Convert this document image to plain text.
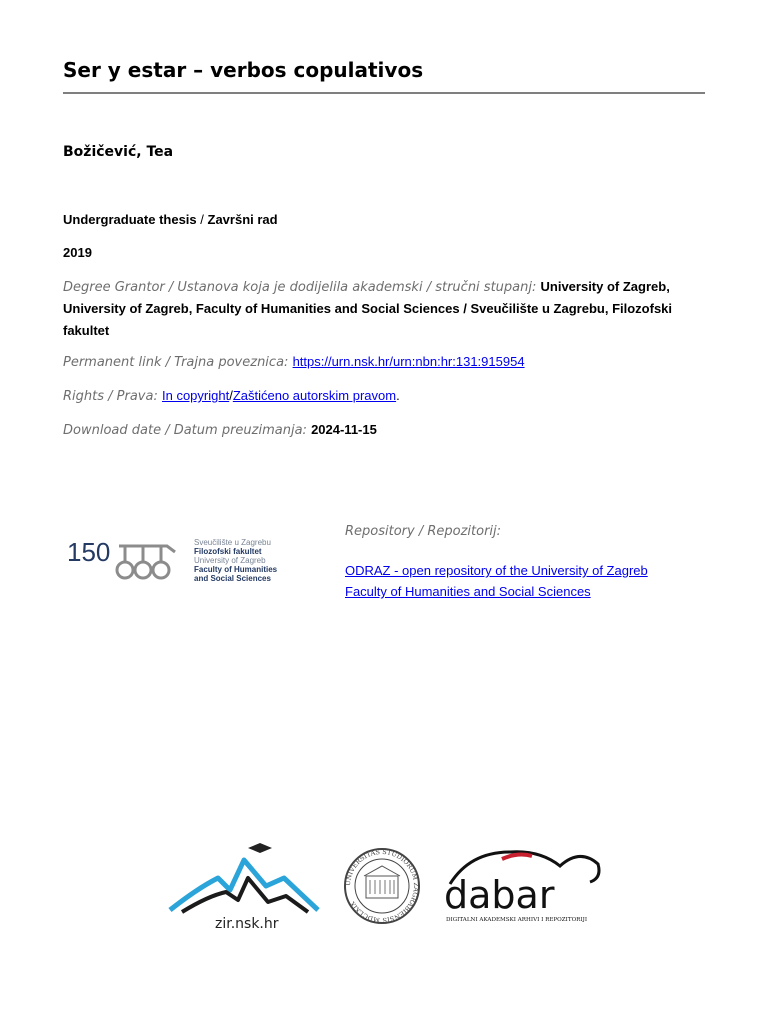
Ser y estar – verbos copulativos
Božičević, Tea
Undergraduate thesis / Završni rad
2019
Degree Grantor / Ustanova koja je dodijelila akademski / stručni stupanj: University of Zagreb, University of Zagreb, Faculty of Humanities and Social Sciences / Sveučilište u Zagrebu, Filozofski fakultet
Permanent link / Trajna poveznica: https://urn.nsk.hr/urn:nbn:hr:131:915954
Rights / Prava: In copyright/Zaštićeno autorskim pravom.
Download date / Datum preuzimanja: 2024-11-15
150	Sveučilište u Zagrebu
Filozofski fakultet
University of Zagreb
Faculty of Humanities
and Social Sciences
Repository / Repozitorij:
ODRAZ - open repository of the University of Zagreb Faculty of Humanities and Social Sciences
zir.nsk.hr
UNIVERSITAS STUDIORUM ZAGRABIENSIS MDCLXIX	dabar
DIGITALNI AKADEMSKI ARHIVI I REPOZITORIJI
